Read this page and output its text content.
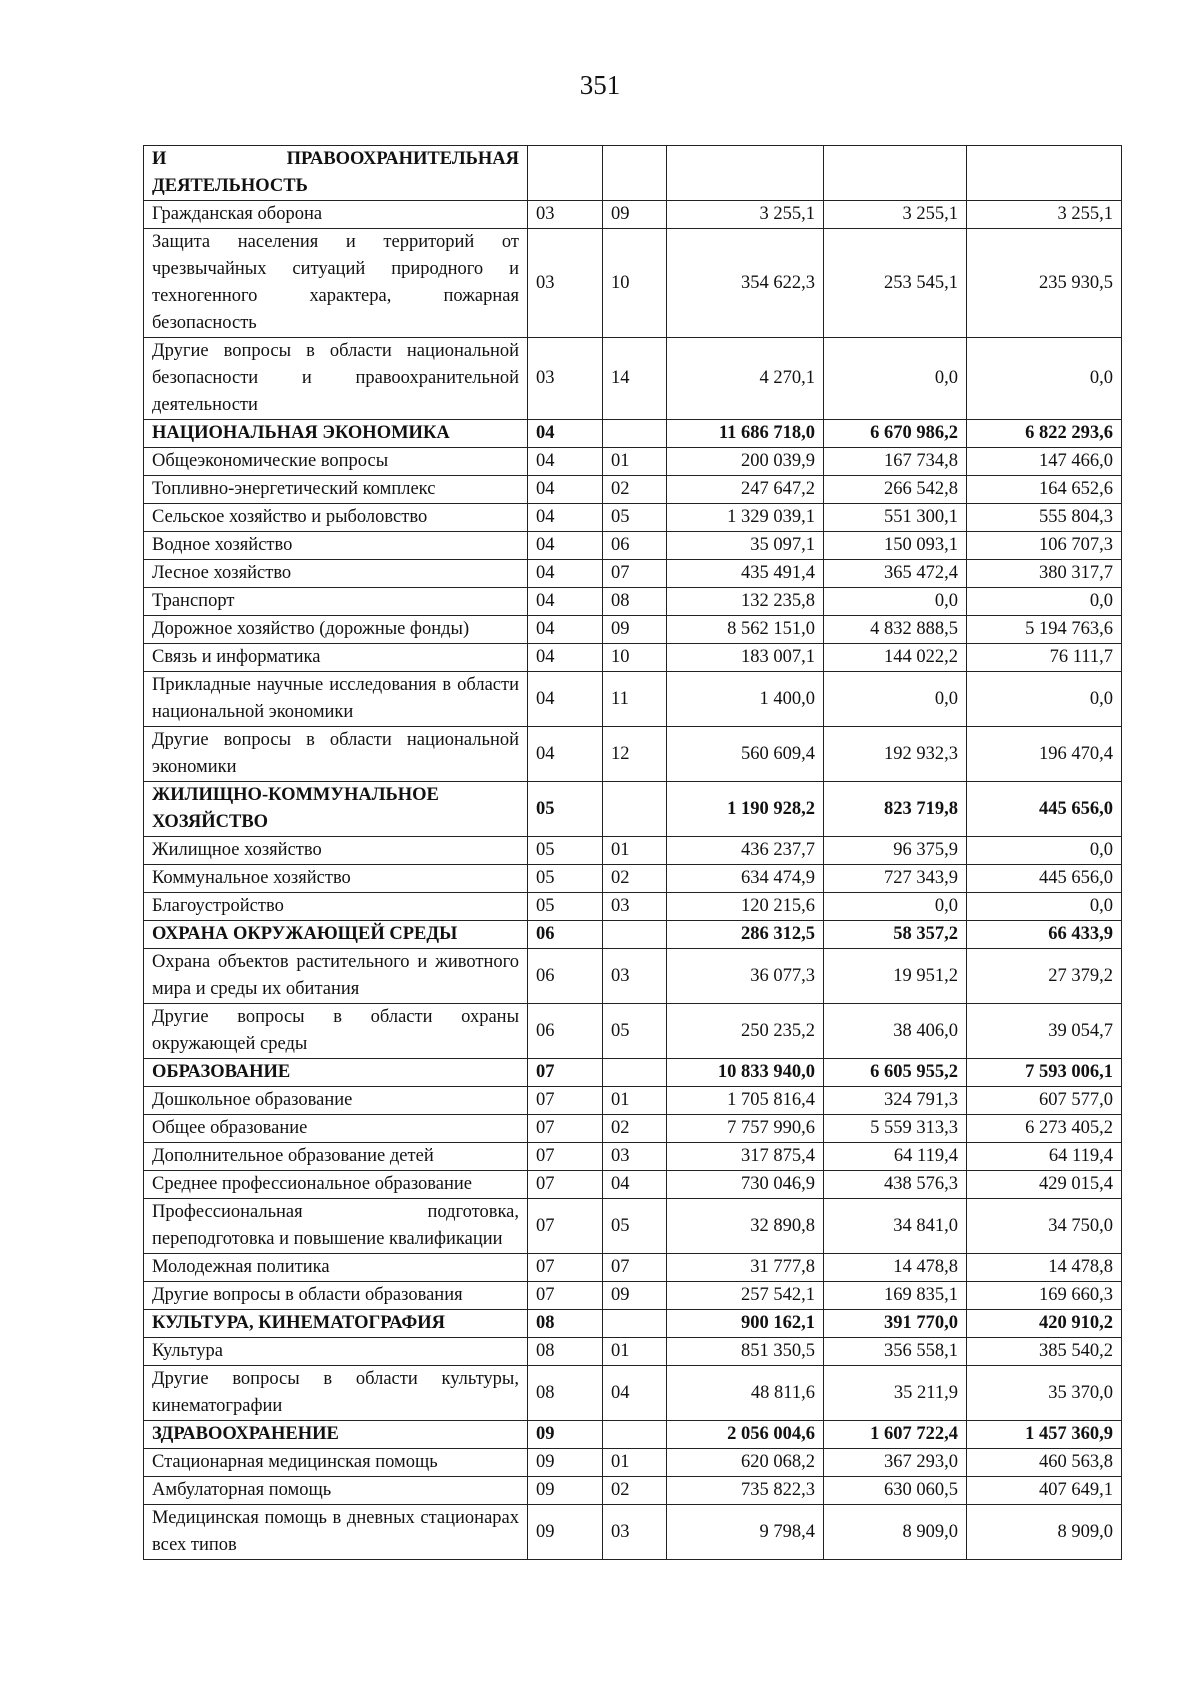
351
И ПРАВООХРАНИТЕЛЬНАЯ ДЕЯТЕЛЬНОСТЬ					
Гражданская оборона	03	09	3 255,1	3 255,1	3 255,1
Защита населения и территорий от чрезвычайных ситуаций природного и техногенного характера, пожарная безопасность	03	10	354 622,3	253 545,1	235 930,5
Другие вопросы в области национальной безопасности и правоохранительной деятельности	03	14	4 270,1	0,0	0,0
НАЦИОНАЛЬНАЯ ЭКОНОМИКА	04		11 686 718,0	6 670 986,2	6 822 293,6
Общеэкономические вопросы	04	01	200 039,9	167 734,8	147 466,0
Топливно-энергетический комплекс	04	02	247 647,2	266 542,8	164 652,6
Сельское хозяйство и рыболовство	04	05	1 329 039,1	551 300,1	555 804,3
Водное хозяйство	04	06	35 097,1	150 093,1	106 707,3
Лесное хозяйство	04	07	435 491,4	365 472,4	380 317,7
Транспорт	04	08	132 235,8	0,0	0,0
Дорожное хозяйство (дорожные фонды)	04	09	8 562 151,0	4 832 888,5	5 194 763,6
Связь и информатика	04	10	183 007,1	144 022,2	76 111,7
Прикладные научные исследования в области национальной экономики	04	11	1 400,0	0,0	0,0
Другие вопросы в области национальной экономики	04	12	560 609,4	192 932,3	196 470,4
ЖИЛИЩНО-КОММУНАЛЬНОЕ ХОЗЯЙСТВО	05		1 190 928,2	823 719,8	445 656,0
Жилищное хозяйство	05	01	436 237,7	96 375,9	0,0
Коммунальное хозяйство	05	02	634 474,9	727 343,9	445 656,0
Благоустройство	05	03	120 215,6	0,0	0,0
ОХРАНА ОКРУЖАЮЩЕЙ СРЕДЫ	06		286 312,5	58 357,2	66 433,9
Охрана объектов растительного и животного мира и среды их обитания	06	03	36 077,3	19 951,2	27 379,2
Другие вопросы в области охраны окружающей среды	06	05	250 235,2	38 406,0	39 054,7
ОБРАЗОВАНИЕ	07		10 833 940,0	6 605 955,2	7 593 006,1
Дошкольное образование	07	01	1 705 816,4	324 791,3	607 577,0
Общее образование	07	02	7 757 990,6	5 559 313,3	6 273 405,2
Дополнительное образование детей	07	03	317 875,4	64 119,4	64 119,4
Среднее профессиональное образование	07	04	730 046,9	438 576,3	429 015,4
Профессиональная подготовка, переподготовка и повышение квалификации	07	05	32 890,8	34 841,0	34 750,0
Молодежная политика	07	07	31 777,8	14 478,8	14 478,8
Другие вопросы в области образования	07	09	257 542,1	169 835,1	169 660,3
КУЛЬТУРА, КИНЕМАТОГРАФИЯ	08		900 162,1	391 770,0	420 910,2
Культура	08	01	851 350,5	356 558,1	385 540,2
Другие вопросы в области культуры, кинематографии	08	04	48 811,6	35 211,9	35 370,0
ЗДРАВООХРАНЕНИЕ	09		2 056 004,6	1 607 722,4	1 457 360,9
Стационарная медицинская помощь	09	01	620 068,2	367 293,0	460 563,8
Амбулаторная помощь	09	02	735 822,3	630 060,5	407 649,1
Медицинская помощь в дневных стационарах всех типов	09	03	9 798,4	8 909,0	8 909,0
